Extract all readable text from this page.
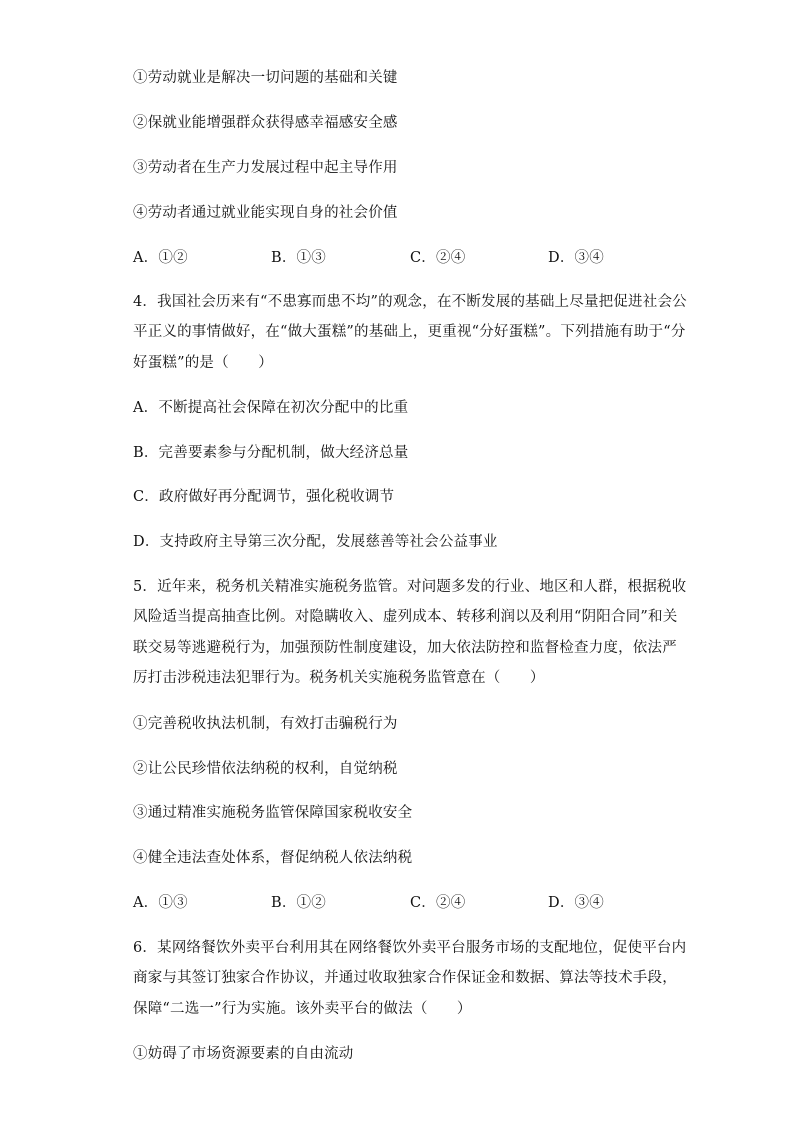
①劳动就业是解决一切问题的基础和关键
②保就业能增强群众获得感幸福感安全感
③劳动者在生产力发展过程中起主导作用
④劳动者通过就业能实现自身的社会价值
A．①②	B．①③	C．②④	D．③④
4．我国社会历来有“不患寡而患不均”的观念，在不断发展的基础上尽量把促进社会公
平正义的事情做好，在“做大蛋糕”的基础上，更重视“分好蛋糕”。下列措施有助于“分
好蛋糕”的是（　　）
A．不断提高社会保障在初次分配中的比重
B．完善要素参与分配机制，做大经济总量
C．政府做好再分配调节，强化税收调节
D．支持政府主导第三次分配，发展慈善等社会公益事业
5．近年来，税务机关精准实施税务监管。对问题多发的行业、地区和人群，根据税收
风险适当提高抽查比例。对隐瞒收入、虚列成本、转移利润以及利用“阴阳合同”和关
联交易等逃避税行为，加强预防性制度建设，加大依法防控和监督检查力度，依法严
厉打击涉税违法犯罪行为。税务机关实施税务监管意在（　　）
①完善税收执法机制，有效打击骗税行为
②让公民珍惜依法纳税的权利，自觉纳税
③通过精准实施税务监管保障国家税收安全
④健全违法查处体系，督促纳税人依法纳税
A．①③	B．①②	C．②④	D．③④
6．某网络餐饮外卖平台利用其在网络餐饮外卖平台服务市场的支配地位，促使平台内
商家与其签订独家合作协议，并通过收取独家合作保证金和数据、算法等技术手段，
保障“二选一”行为实施。该外卖平台的做法（　　）
①妨碍了市场资源要素的自由流动
